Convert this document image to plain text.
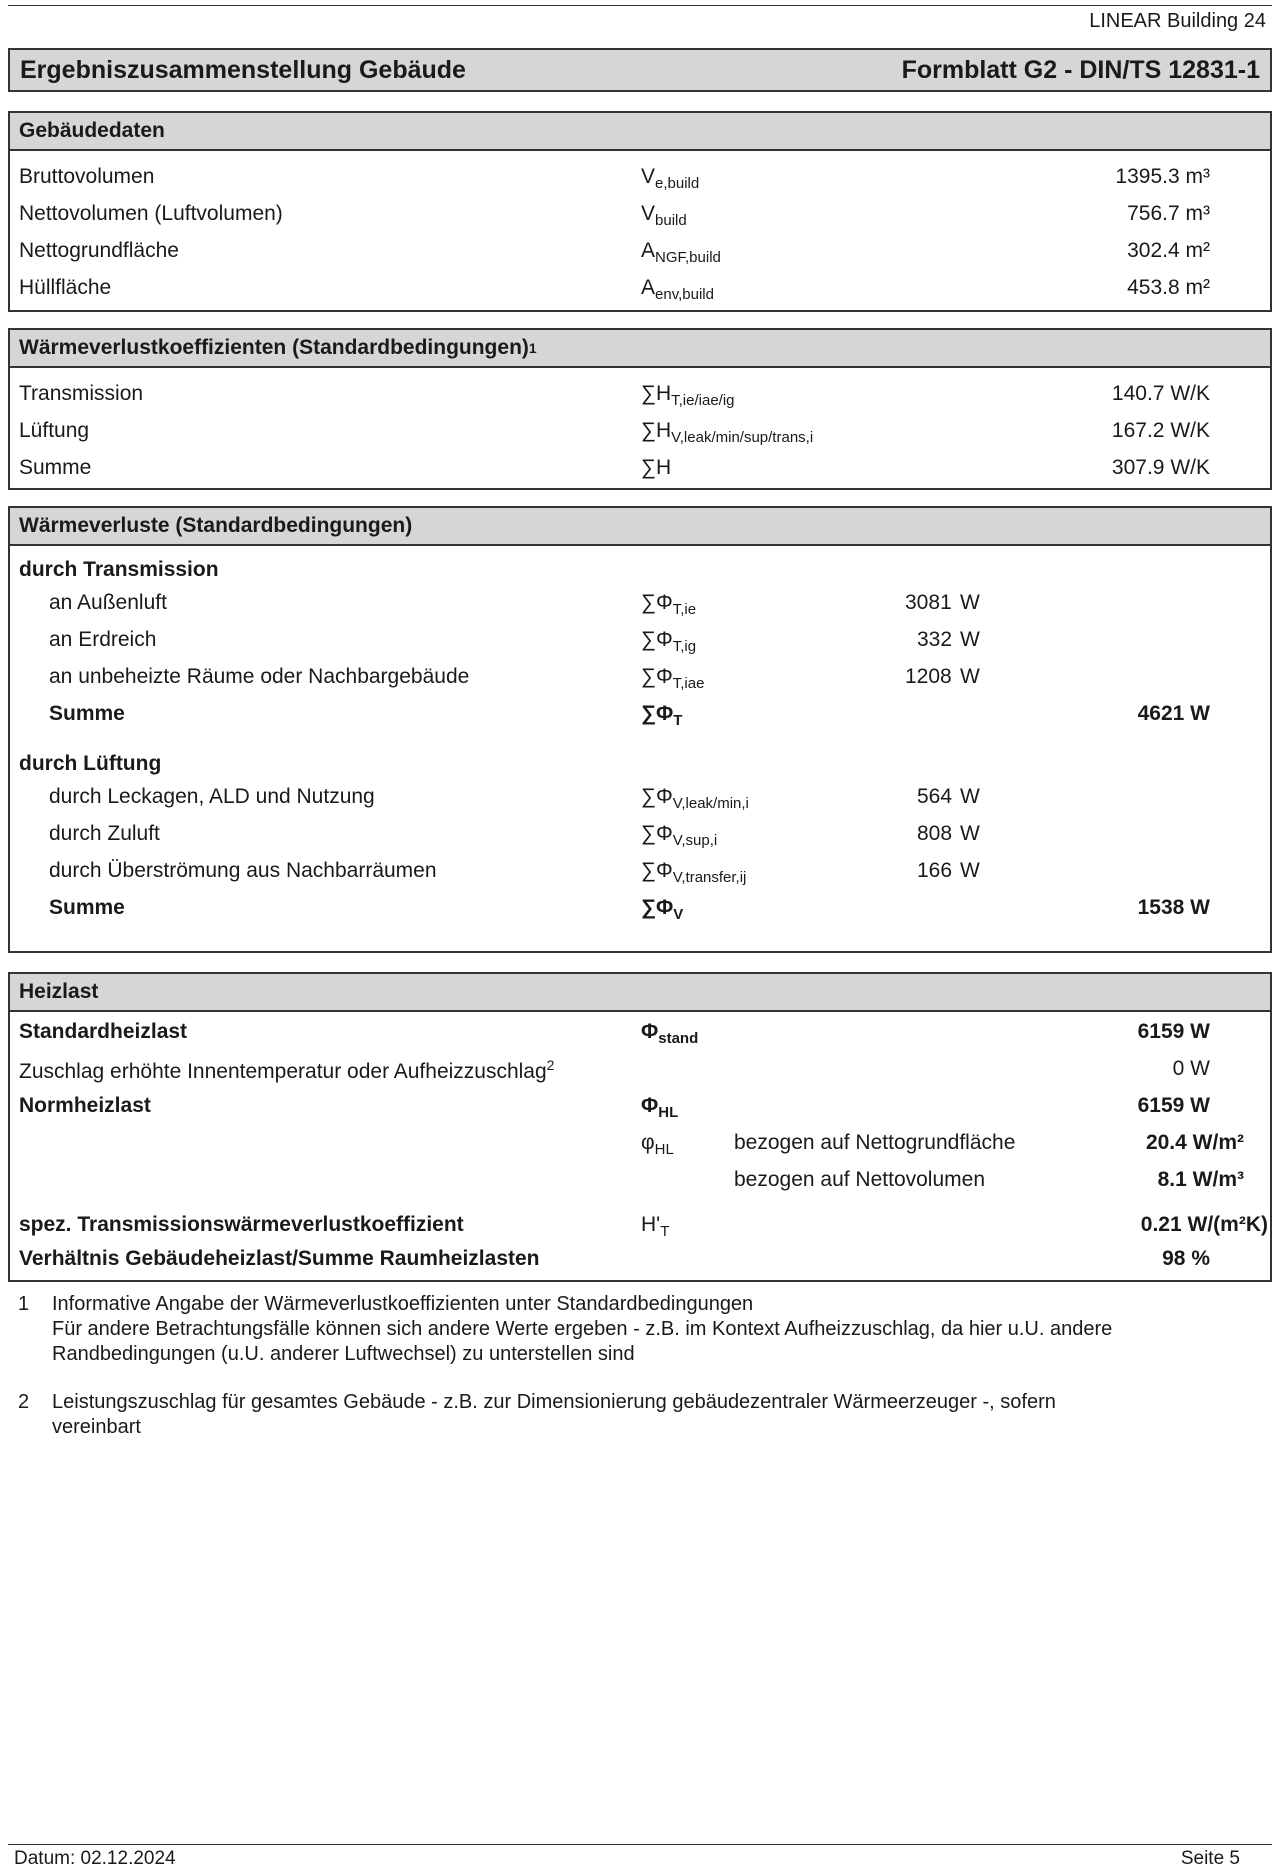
LINEAR Building 24
Ergebniszusammenstellung Gebäude	Formblatt G2 - DIN/TS 12831-1
Gebäudedaten
Bruttovolumen	$V_{e,build}$	1395.3 m³
Nettovolumen (Luftvolumen)	$V_{build}$	756.7 m³
Nettogrundfläche	$A_{NGF,build}$	302.4 m²
Hüllfläche	$A_{env,build}$	453.8 m²
Wärmeverlustkoeffizienten (Standardbedingungen) 1
Transmission	$\sum H_{T,ie/iae/ig}$	140.7 W/K
Lüftung	$\sum H_{V,leak/min/sup/trans,i}$	167.2 W/K
Summe	∑H	307.9 W/K
Wärmeverluste (Standardbedingungen)
durch Transmission
an Außenluft	$\sum\Phi_{T,ie}$	3081 W
an Erdreich	$\sum\Phi_{T,ig}$	332 W
an unbeheizte Räume oder Nachbargebäude	$\sum\Phi_{T,iae}$	1208 W
Summe	$\sum\Phi_T$	4621 W
durch Lüftung
durch Leckagen, ALD und Nutzung	$\sum\Phi_{V,leak/min,i}$	564 W
durch Zuluft	$\sum\Phi_{V,sup,i}$	808 W
durch Überströmung aus Nachbarräumen	$\sum\Phi_{V,transfer,ij}$	166 W
Summe	$\sum\Phi_V$	1538 W
Heizlast
Standardheizlast	$\Phi_{stand}$	6159 W
Zuschlag erhöhte Innentemperatur oder Aufheizzuschlag$^2$	0 W
Normheizlast	$\Phi_{HL}$	6159 W
$\varphi_{HL}$	bezogen auf Nettogrundfläche	20.4 W/m²
bezogen auf Nettovolumen	8.1 W/m³
spez. Transmissionswärmeverlustkoeffizient	$H'_T$	0.21 W/(m²K)
Verhältnis Gebäudeheizlast/Summe Raumheizlasten	98 %
1 Informative Angabe der Wärmeverlustkoeffizienten unter Standardbedingungen
Für andere Betrachtungsfälle können sich andere Werte ergeben - z.B. im Kontext Aufheizzuschlag, da hier u.U. andere
Randbedingungen (u.U. anderer Luftwechsel) zu unterstellen sind
2 Leistungszuschlag für gesamtes Gebäude - z.B. zur Dimensionierung gebäudezentraler Wärmeerzeuger -, sofern
vereinbart
Datum: 02.12.2024	Seite 5
